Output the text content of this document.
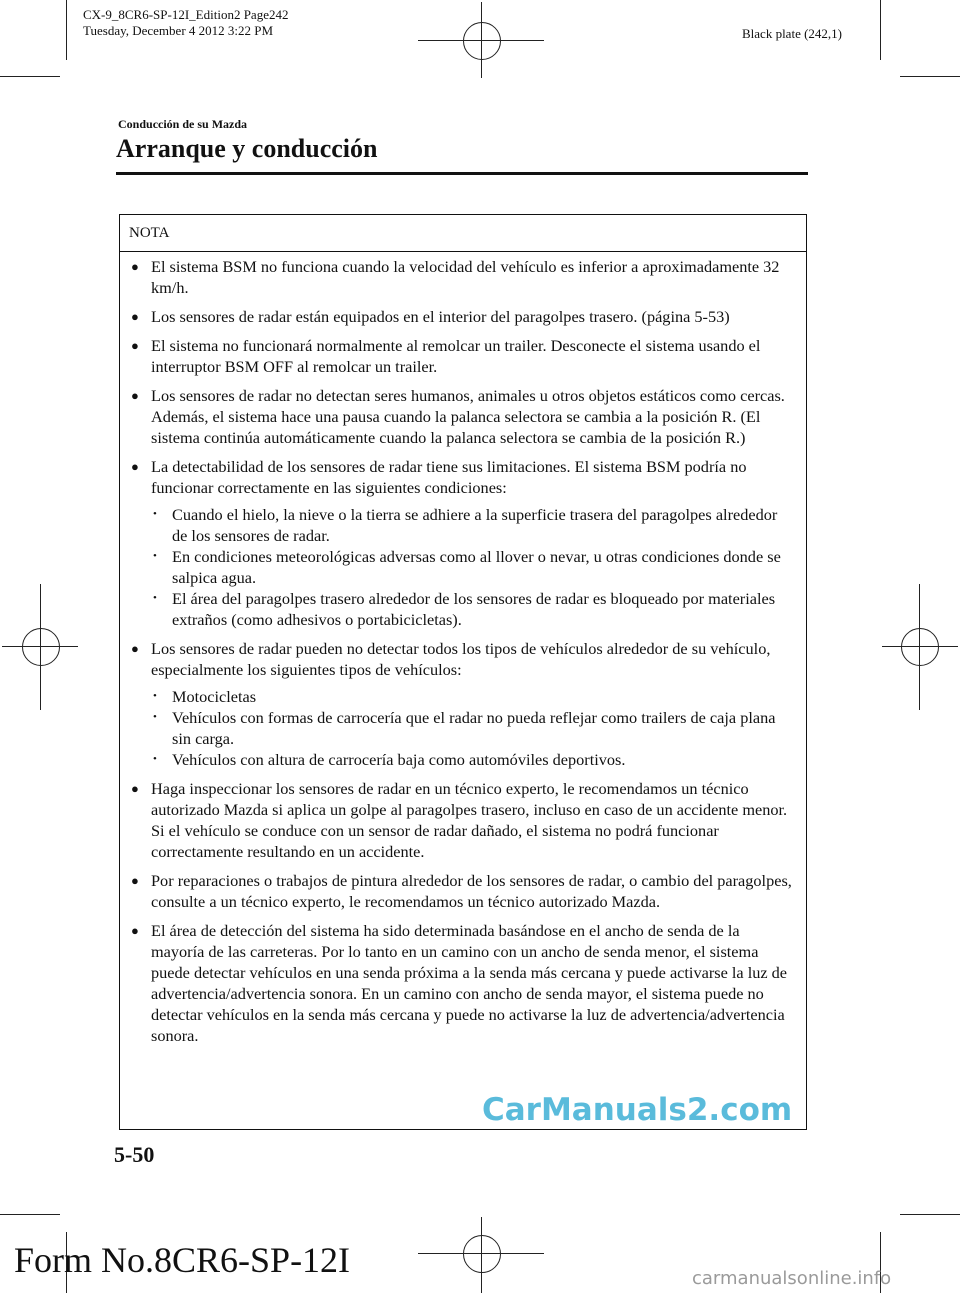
CX-9_8CR6-SP-12I_Edition2 Page242
Tuesday, December 4 2012 3:22 PM	Black plate (242,1)
Conducción de su Mazda
Arranque y conducción
NOTA
● El sistema BSM no funciona cuando la velocidad del vehículo es inferior a aproximadamente 32 km/h.
● Los sensores de radar están equipados en el interior del paragolpes trasero. (página 5-53)
● El sistema no funcionará normalmente al remolcar un trailer. Desconecte el sistema usando el interruptor BSM OFF al remolcar un trailer.
● Los sensores de radar no detectan seres humanos, animales u otros objetos estáticos como cercas. Además, el sistema hace una pausa cuando la palanca selectora se cambia a la posición R. (El sistema continúa automáticamente cuando la palanca selectora se cambia de la posición R.)
● La detectabilidad de los sensores de radar tiene sus limitaciones. El sistema BSM podría no funcionar correctamente en las siguientes condiciones:
• Cuando el hielo, la nieve o la tierra se adhiere a la superficie trasera del paragolpes alrededor de los sensores de radar.
• En condiciones meteorológicas adversas como al llover o nevar, u otras condiciones donde se salpica agua.
• El área del paragolpes trasero alrededor de los sensores de radar es bloqueado por materiales extraños (como adhesivos o portabicicletas).
● Los sensores de radar pueden no detectar todos los tipos de vehículos alrededor de su vehículo, especialmente los siguientes tipos de vehículos:
• Motocicletas
• Vehículos con formas de carrocería que el radar no pueda reflejar como trailers de caja plana sin carga.
• Vehículos con altura de carrocería baja como automóviles deportivos.
● Haga inspeccionar los sensores de radar en un técnico experto, le recomendamos un técnico autorizado Mazda si aplica un golpe al paragolpes trasero, incluso en caso de un accidente menor. Si el vehículo se conduce con un sensor de radar dañado, el sistema no podrá funcionar correctamente resultando en un accidente.
● Por reparaciones o trabajos de pintura alrededor de los sensores de radar, o cambio del paragolpes, consulte a un técnico experto, le recomendamos un técnico autorizado Mazda.
● El área de detección del sistema ha sido determinada basándose en el ancho de senda de la mayoría de las carreteras. Por lo tanto en un camino con un ancho de senda menor, el sistema puede detectar vehículos en una senda próxima a la senda más cercana y puede activarse la luz de advertencia/advertencia sonora. En un camino con ancho de senda mayor, el sistema puede no detectar vehículos en la senda más cercana y puede no activarse la luz de advertencia/advertencia sonora.
5-50
Form No.8CR6-SP-12I
CarManuals2.com
carmanualsonline.info
